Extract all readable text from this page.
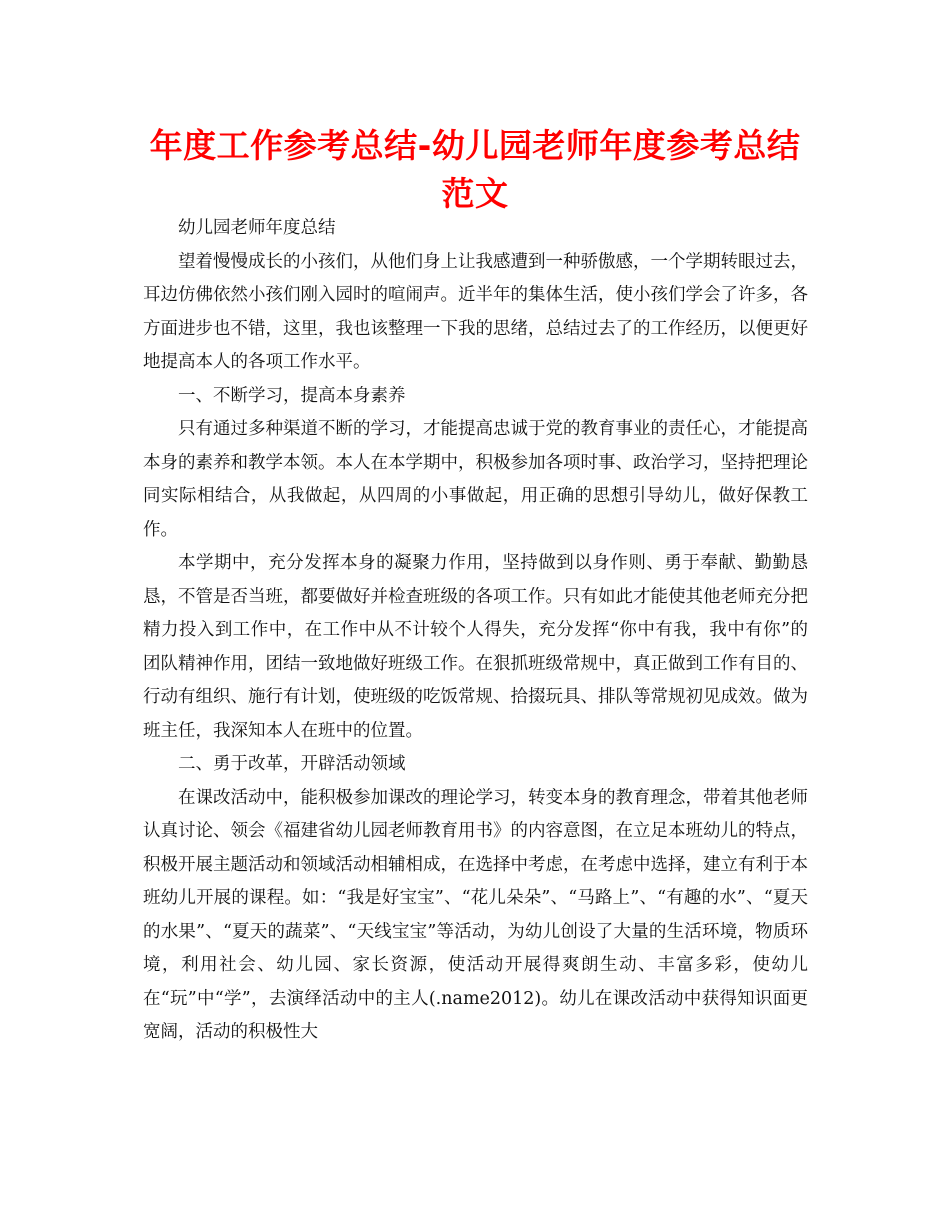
年度工作参考总结-幼儿园老师年度参考总结范文

幼儿园老师年度总结

望着慢慢成长的小孩们，从他们身上让我感遭到一种骄傲感，一个学期转眼过去，耳边仿佛依然小孩们刚入园时的喧闹声。近半年的集体生活，使小孩们学会了许多，各方面进步也不错，这里，我也该整理一下我的思绪，总结过去了的工作经历，以便更好地提高本人的各项工作水平。

一、不断学习，提高本身素养

只有通过多种渠道不断的学习，才能提高忠诚于党的教育事业的责任心，才能提高本身的素养和教学本领。本人在本学期中，积极参加各项时事、政治学习，坚持把理论同实际相结合，从我做起，从四周的小事做起，用正确的思想引导幼儿，做好保教工作。

本学期中，充分发挥本身的凝聚力作用，坚持做到以身作则、勇于奉献、勤勤恳恳，不管是否当班，都要做好并检查班级的各项工作。只有如此才能使其他老师充分把精力投入到工作中，在工作中从不计较个人得失，充分发挥“你中有我，我中有你”的团队精神作用，团结一致地做好班级工作。在狠抓班级常规中，真正做到工作有目的、行动有组织、施行有计划，使班级的吃饭常规、拾掇玩具、排队等常规初见成效。做为班主任，我深知本人在班中的位置。

二、勇于改革，开辟活动领域

在课改活动中，能积极参加课改的理论学习，转变本身的教育理念，带着其他老师认真讨论、领会《福建省幼儿园老师教育用书》的内容意图，在立足本班幼儿的特点，积极开展主题活动和领域活动相辅相成，在选择中考虑，在考虑中选择，建立有利于本班幼儿开展的课程。如：“我是好宝宝”、“花儿朵朵”、“马路上”、“有趣的水”、“夏天的水果”、“夏天的蔬菜”、“天线宝宝”等活动，为幼儿创设了大量的生活环境，物质环境，利用社会、幼儿园、家长资源，使活动开展得爽朗生动、丰富多彩，使幼儿在“玩”中“学”，去演绎活动中的主人(.name2012)。幼儿在课改活动中获得知识面更宽阔，活动的积极性大
